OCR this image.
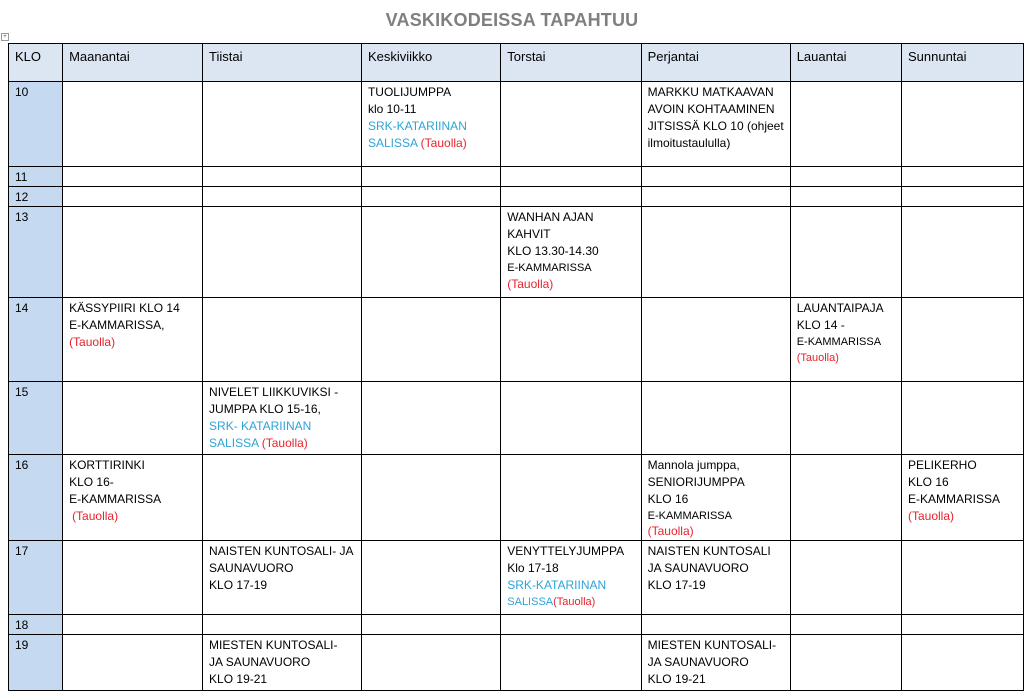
VASKIKODEISSA TAPAHTUU
+
KLO	Maanantai	Tiistai	Keskiviikko	Torstai	Perjantai	Lauantai	Sunnuntai
10			TUOLIJUMPPA
klo 10-11
SRK-KATARIINAN
SALISSA (Tauolla)		MARKKU MATKAAVAN
AVOIN KOHTAAMINEN
JITSISSÄ KLO 10 (ohjeet
ilmoitustaululla)		

11							
12							
13				WANHAN AJAN
KAHVIT
KLO 13.30-14.30
E-KAMMARISSA
(Tauolla)			

14	KÄSSYPIIRI KLO 14
E-KAMMARISSA,
(Tauolla)					LAUANTAIPAJA
KLO 14 -
E-KAMMARISSA
(Tauolla)	

15		NIVELET LIIKKUVIKSI -
JUMPPA KLO 15-16,
SRK- KATARIINAN
SALISSA (Tauolla)					

16	KORTTIRINKI
KLO 16-
E-KAMMARISSA
(Tauolla)				Mannola jumppa,
SENIORIJUMPPA
KLO 16
E-KAMMARISSA
(Tauolla)		PELIKERHO
KLO 16
E-KAMMARISSA
(Tauolla)

17		NAISTEN KUNTOSALI- JA
SAUNAVUORO
KLO 17-19		VENYTTELYJUMPPA
Klo 17-18
SRK-KATARIINAN
SALISSA(Tauolla)	NAISTEN KUNTOSALI
JA SAUNAVUORO
KLO 17-19		

18							
19		MIESTEN KUNTOSALI-
JA SAUNAVUORO
KLO 19-21			MIESTEN KUNTOSALI-
JA SAUNAVUORO
KLO 19-21		
